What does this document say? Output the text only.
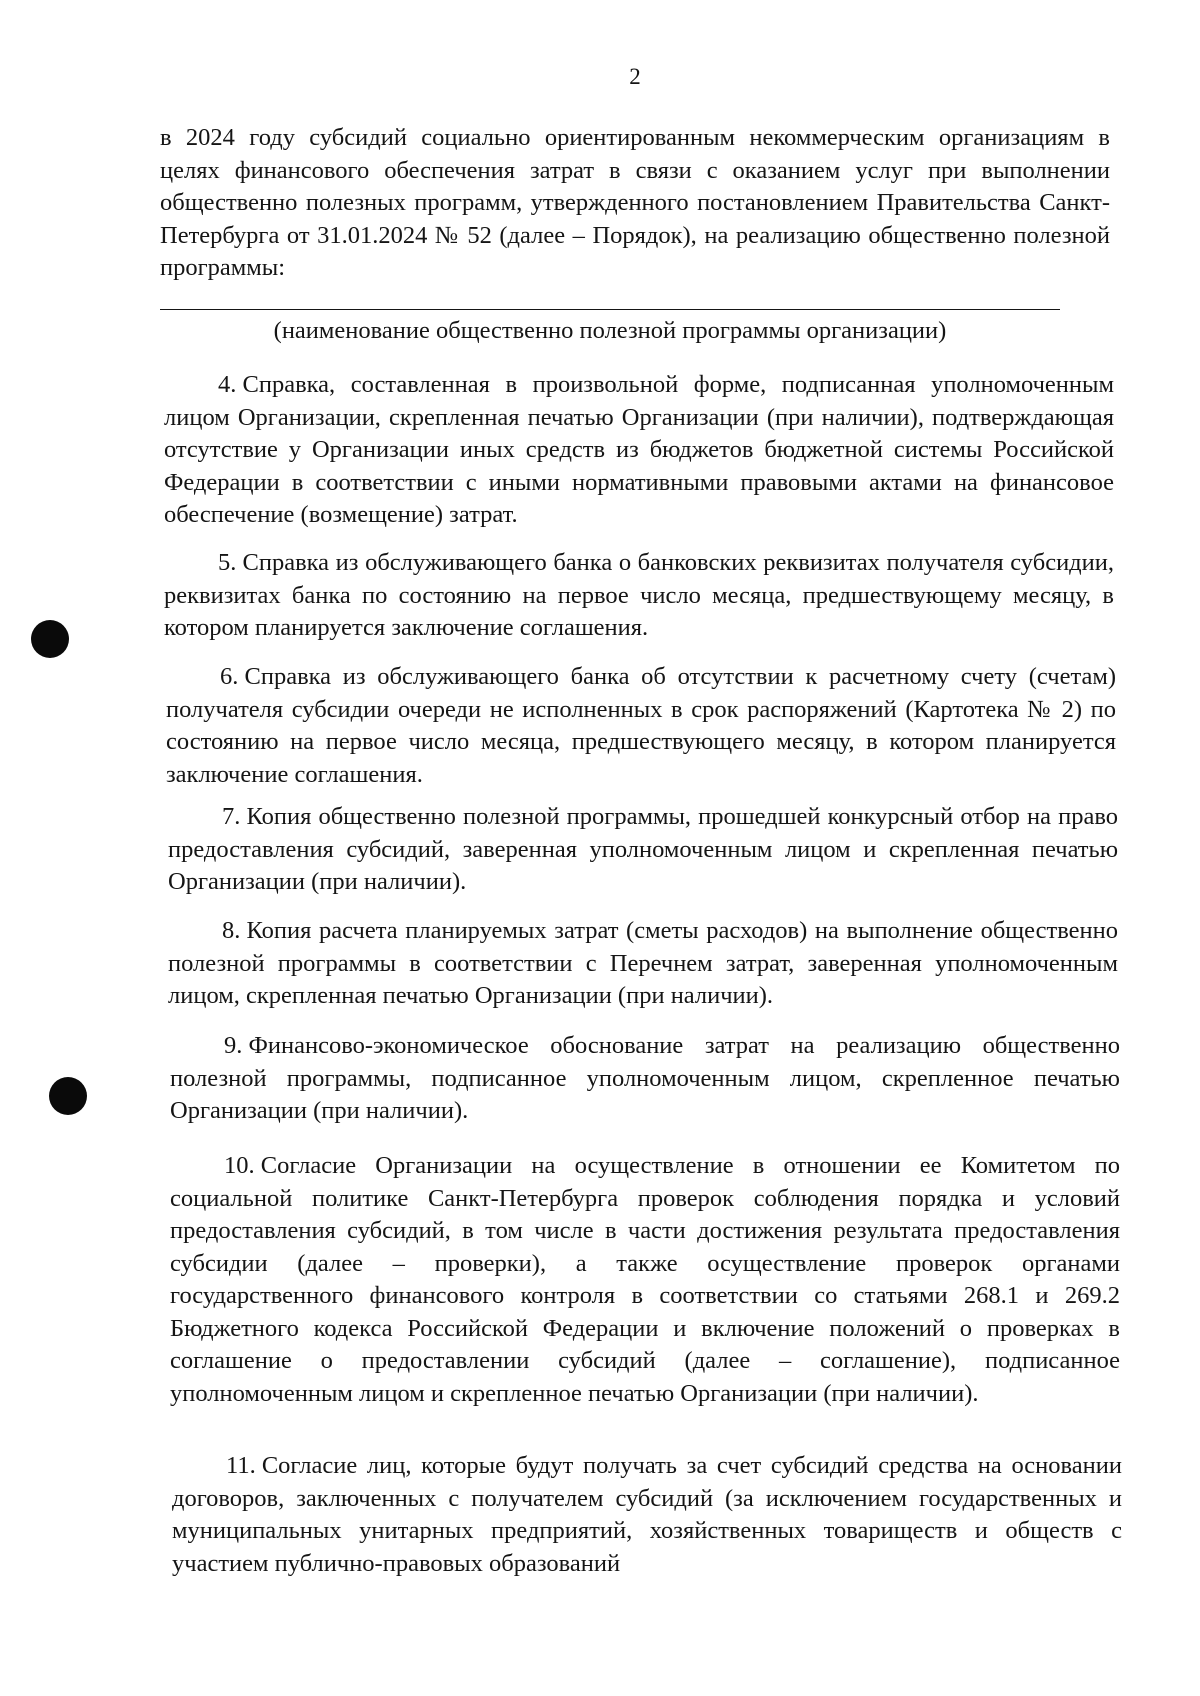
2
в 2024 году субсидий социально ориентированным некоммерческим организациям в целях финансового обеспечения затрат в связи с оказанием услуг при выполнении общественно полезных программ, утвержденного постановлением Правительства Санкт-Петербурга от 31.01.2024 № 52 (далее – Порядок), на реализацию общественно полезной программы:
(наименование общественно полезной программы организации)
4. Справка, составленная в произвольной форме, подписанная уполномоченным лицом Организации, скрепленная печатью Организации (при наличии), подтверждающая отсутствие у Организации иных средств из бюджетов бюджетной системы Российской Федерации в соответствии с иными нормативными правовыми актами на финансовое обеспечение (возмещение) затрат.
5. Справка из обслуживающего банка о банковских реквизитах получателя субсидии, реквизитах банка по состоянию на первое число месяца, предшествующему месяцу, в котором планируется заключение соглашения.
6. Справка из обслуживающего банка об отсутствии к расчетному счету (счетам) получателя субсидии очереди не исполненных в срок распоряжений (Картотека № 2) по состоянию на первое число месяца, предшествующего месяцу, в котором планируется заключение соглашения.
7. Копия общественно полезной программы, прошедшей конкурсный отбор на право предоставления субсидий, заверенная уполномоченным лицом и скрепленная печатью Организации (при наличии).
8. Копия расчета планируемых затрат (сметы расходов) на выполнение общественно полезной программы в соответствии с Перечнем затрат, заверенная уполномоченным лицом, скрепленная печатью Организации (при наличии).
9. Финансово-экономическое обоснование затрат на реализацию общественно полезной программы, подписанное уполномоченным лицом, скрепленное печатью Организации (при наличии).
10. Согласие Организации на осуществление в отношении ее Комитетом по социальной политике Санкт-Петербурга проверок соблюдения порядка и условий предоставления субсидий, в том числе в части достижения результата предоставления субсидии (далее – проверки), а также осуществление проверок органами государственного финансового контроля в соответствии со статьями 268.1 и 269.2 Бюджетного кодекса Российской Федерации и включение положений о проверках в соглашение о предоставлении субсидий (далее – соглашение), подписанное уполномоченным лицом и скрепленное печатью Организации (при наличии).
11. Согласие лиц, которые будут получать за счет субсидий средства на основании договоров, заключенных с получателем субсидий (за исключением государственных и муниципальных унитарных предприятий, хозяйственных товариществ и обществ с участием публично-правовых образований
